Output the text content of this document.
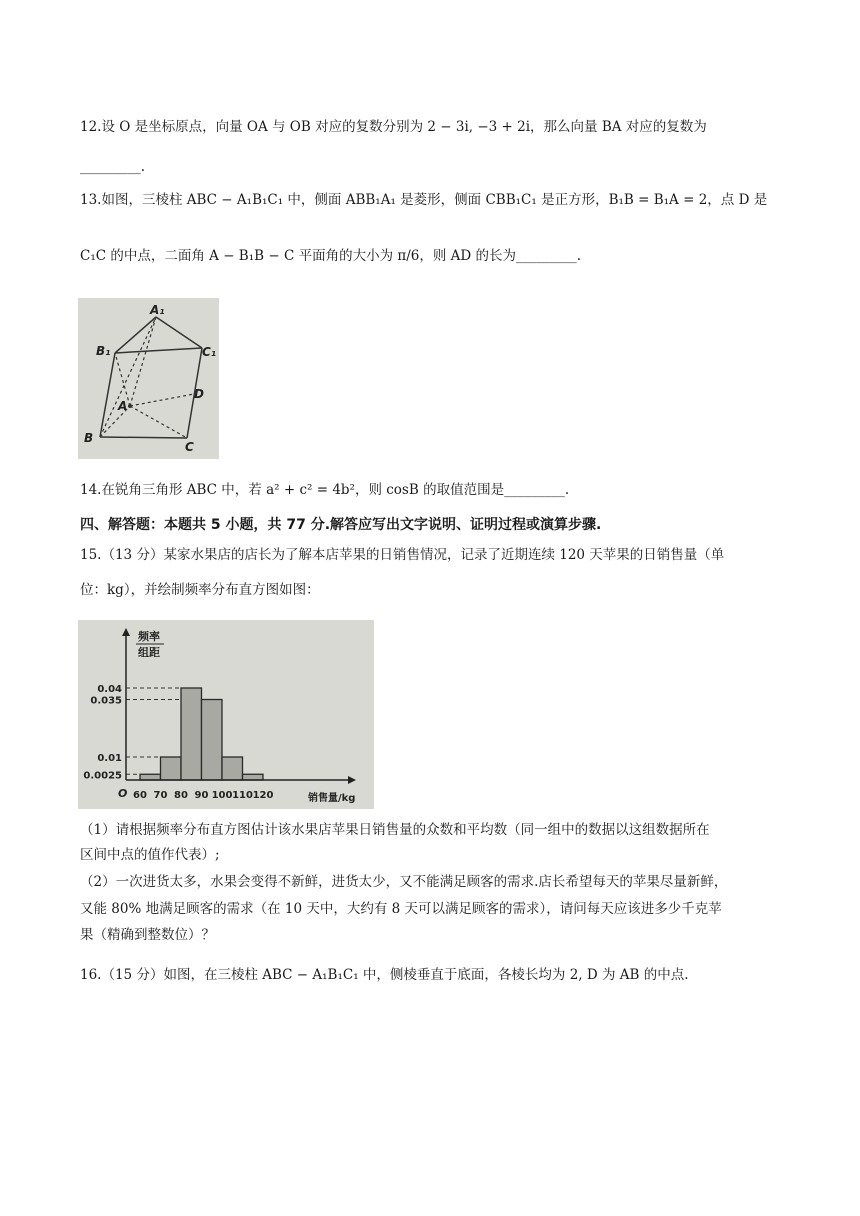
12.设 O 是坐标原点，向量 OA 与 OB 对应的复数分别为 2 − 3i, −3 + 2i，那么向量 BA 对应的复数为
_________.
13.如图，三棱柱 ABC − A₁B₁C₁ 中，侧面 ABB₁A₁ 是菱形，侧面 CBB₁C₁ 是正方形，B₁B = B₁A = 2，点 D 是
C₁C 的中点，二面角 A − B₁B − C 平面角的大小为 π/6，则 AD 的长为_________.
A₁
B₁	C₁
A
D
B
C
14.在锐角三角形 ABC 中，若 a² + c² = 4b²，则 cosB 的取值范围是_________.
四、解答题：本题共 5 小题，共 77 分.解答应写出文字说明、证明过程或演算步骤.
15.（13 分）某家水果店的店长为了解本店苹果的日销售情况，记录了近期连续 120 天苹果的日销售量（单
位：kg），并绘制频率分布直方图如图：
频率
组距
O	销售量/kg
60 70 80 90 100 110 120
0.04
0.035
0.01
0.0025
（1）请根据频率分布直方图估计该水果店苹果日销售量的众数和平均数（同一组中的数据以这组数据所在
区间中点的值作代表）;
（2）一次进货太多，水果会变得不新鲜，进货太少，又不能满足顾客的需求.店长希望每天的苹果尽量新鲜，
又能 80% 地满足顾客的需求（在 10 天中，大约有 8 天可以满足顾客的需求），请问每天应该进多少千克苹
果（精确到整数位）？
16.（15 分）如图，在三棱柱 ABC − A₁B₁C₁ 中，侧棱垂直于底面，各棱长均为 2, D 为 AB 的中点.
